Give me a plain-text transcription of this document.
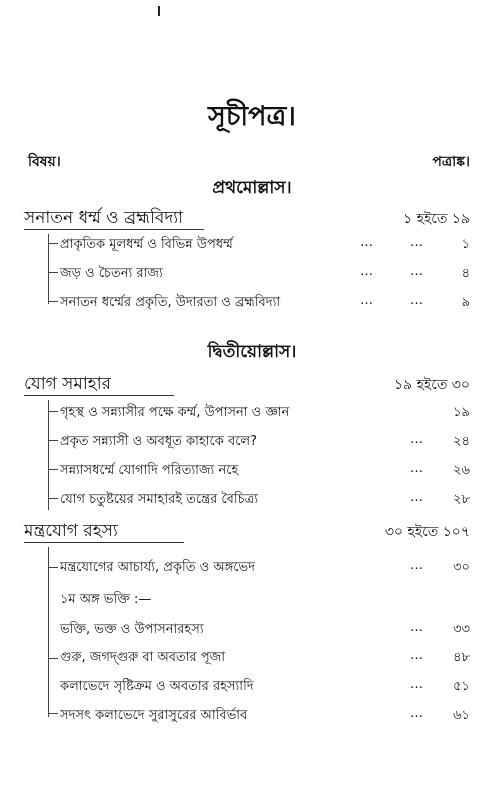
সূচীপত্র।
বিষয়।	পত্রাঙ্ক।
প্রথমোল্লাস।
সনাতন ধর্ম্ম ও ব্রহ্মবিদ্যা	১ হইতে ১৯
প্রাকৃতিক মূলধর্ম্ম ও বিভিন্ন উপধর্ম্ম	…	…	১
জড় ও চৈতন্য রাজ্য	…	…	৪
সনাতন ধর্ম্মের প্রকৃতি, উদারতা ও ব্রহ্মবিদ্যা	…	…	৯
দ্বিতীয়োল্লাস।
যোগ সমাহার	১৯ হইতে ৩০
গৃহস্থ ও সন্ন্যাসীর পক্ষে কর্ম্ম, উপাসনা ও জ্ঞান	১৯
প্রকৃত সন্ন্যাসী ও অবধূত কাহাকে বলে?	… ২৪
সন্ন্যাসধর্ম্মে যোগাদি পরিত্যাজ্য নহে	… ২৬
যোগ চতুষ্টয়ের সমাহারই তন্ত্রের বৈচিত্র্য	… ২৮
মন্ত্রযোগ রহস্য	৩০ হইতে ১০৭
মন্ত্রযোগের আচার্য্য, প্রকৃতি ও অঙ্গভেদ	… ৩০
১ম অঙ্গ ভক্তি :—
ভক্তি, ভক্ত ও উপাসনারহস্য	… ৩৩
গুরু, জগদ্গুরু বা অবতার পূজা	… ৪৮
কলাভেদে সৃষ্টিক্রম ও অবতার রহস্যাদি	… ৫১
সদসৎ কলাভেদে সুরাসুরের আবির্ভাব	… ৬১
